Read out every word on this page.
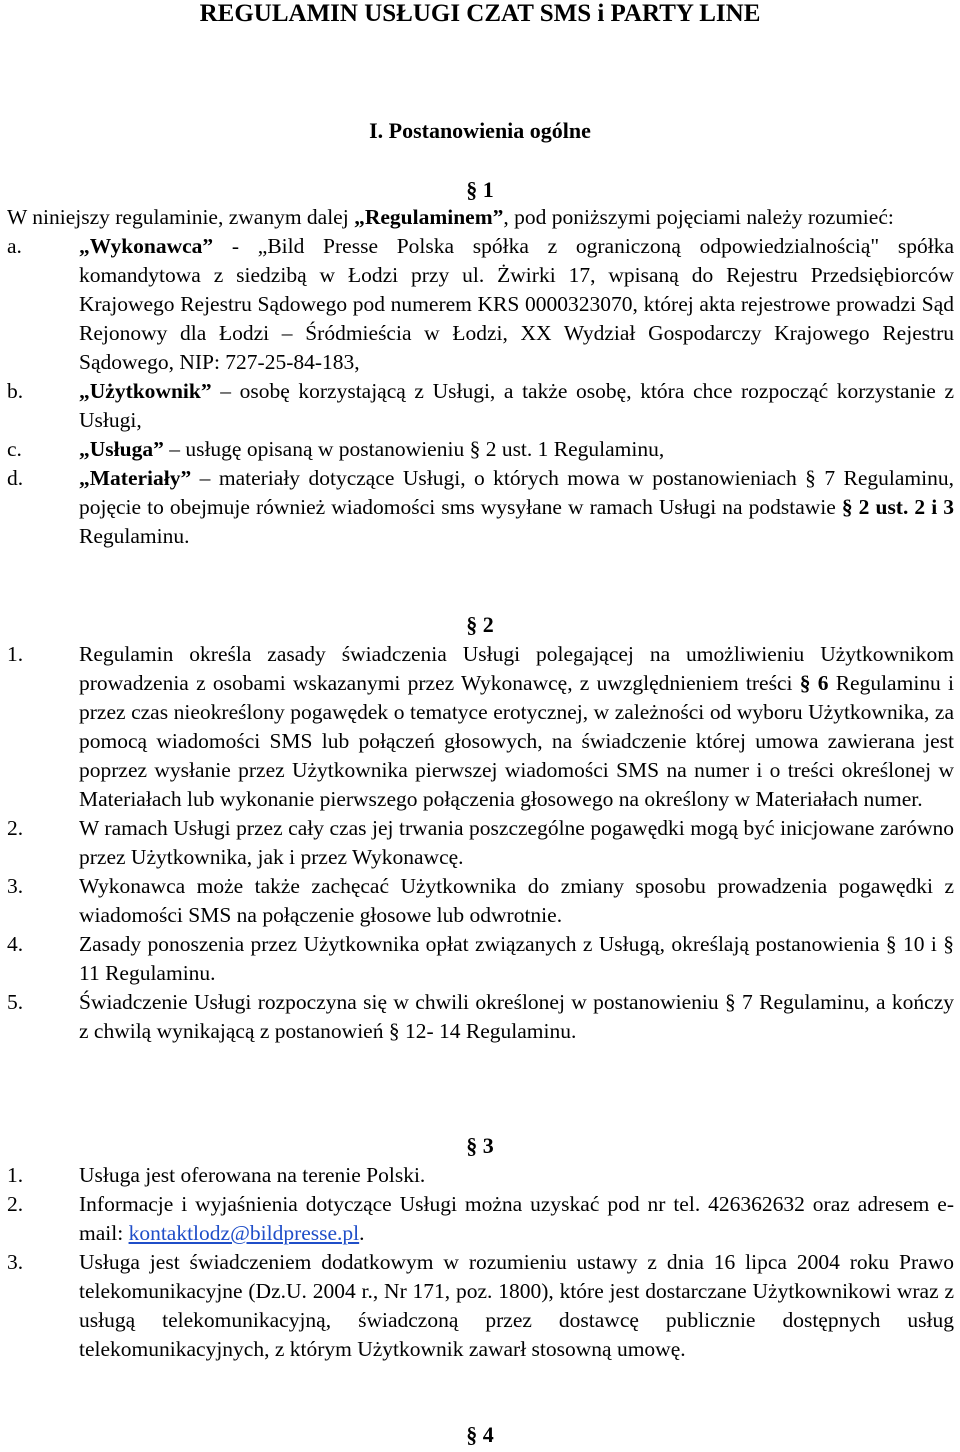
REGULAMIN USŁUGI CZAT SMS i PARTY LINE
I. Postanowienia ogólne
§ 1

W niniejszy regulaminie, zwanym dalej „Regulaminem”, pod poniższymi pojęciami należy rozumieć:

a.	„Wykonawca” - „Bild Presse Polska spółka z ograniczoną odpowiedzialnością" spółka komandytowa z siedzibą w Łodzi przy ul. Żwirki 17, wpisaną do Rejestru Przedsiębiorców Krajowego Rejestru Sądowego pod numerem KRS 0000323070, której akta rejestrowe prowadzi Sąd Rejonowy dla Łodzi – Śródmieścia w Łodzi, XX Wydział Gospodarczy Krajowego Rejestru Sądowego, NIP: 727-25-84-183,
b.	„Użytkownik” – osobę korzystającą z Usługi, a także osobę, która chce rozpocząć korzystanie z Usługi,
c.	„Usługa” – usługę opisaną w postanowieniu § 2 ust. 1 Regulaminu,
d.	„Materiały” – materiały dotyczące Usługi, o których mowa w postanowieniach § 7 Regulaminu, pojęcie to obejmuje również wiadomości sms wysyłane w ramach Usługi na podstawie § 2 ust. 2 i 3 Regulaminu.
§ 2
1.	Regulamin określa zasady świadczenia Usługi polegającej na umożliwieniu Użytkownikom prowadzenia z osobami wskazanymi przez Wykonawcę, z uwzględnieniem treści § 6 Regulaminu i przez czas nieokreślony pogawędek o tematyce erotycznej, w zależności od wyboru Użytkownika, za pomocą wiadomości SMS lub połączeń głosowych, na świadczenie której umowa zawierana jest poprzez wysłanie przez Użytkownika pierwszej wiadomości SMS na numer i o treści określonej w Materiałach lub wykonanie pierwszego połączenia głosowego na określony w Materiałach numer.
2.	W ramach Usługi przez cały czas jej trwania poszczególne pogawędki mogą być inicjowane zarówno przez Użytkownika, jak i przez Wykonawcę.
3.	Wykonawca może także zachęcać Użytkownika do zmiany sposobu prowadzenia pogawędki z wiadomości SMS na połączenie głosowe lub odwrotnie.
4.	Zasady ponoszenia przez Użytkownika opłat związanych z Usługą, określają postanowienia § 10 i § 11 Regulaminu.
5.	Świadczenie Usługi rozpoczyna się w chwili określonej w postanowieniu § 7 Regulaminu, a kończy z chwilą wynikającą z postanowień § 12- 14 Regulaminu.
§ 3
1.	Usługa jest oferowana na terenie Polski.
2.	Informacje i wyjaśnienia dotyczące Usługi można uzyskać pod nr tel. 426362632 oraz adresem e-mail: kontaktlodz@bildpresse.pl.
3.	Usługa jest świadczeniem dodatkowym w rozumieniu ustawy z dnia 16 lipca 2004 roku Prawo telekomunikacyjne (Dz.U. 2004 r., Nr 171, poz. 1800), które jest dostarczane Użytkownikowi wraz z usługą telekomunikacyjną, świadczoną przez dostawcę publicznie dostępnych usług telekomunikacyjnych, z którym Użytkownik zawarł stosowną umowę.
§ 4
